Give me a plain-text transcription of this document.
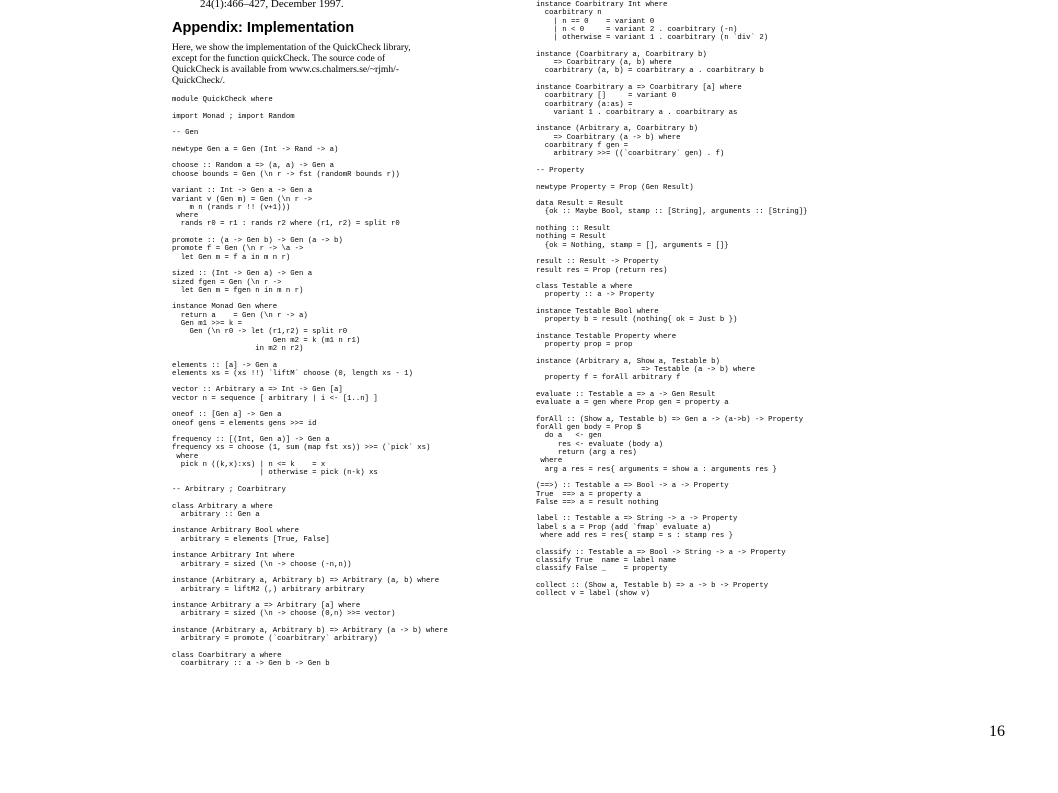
24(1):466–427, December 1997.
Appendix: Implementation
Here, we show the implementation of the QuickCheck library,
except for the function quickCheck. The source code of
QuickCheck is available from www.cs.chalmers.se/~rjmh/-
QuickCheck/.
module QuickCheck where

import Monad ; import Random

-- Gen

newtype Gen a = Gen (Int -> Rand -> a)

choose :: Random a => (a, a) -> Gen a
choose bounds = Gen (\n r -> fst (randomR bounds r))

variant :: Int -> Gen a -> Gen a
variant v (Gen m) = Gen (\n r ->
m n (rands r !! (v+1)))
where
rands r0 = r1 : rands r2 where (r1, r2) = split r0

promote :: (a -> Gen b) -> Gen (a -> b)
promote f = Gen (\n r -> \a ->
let Gen m = f a in m n r)

sized :: (Int -> Gen a) -> Gen a
sized fgen = Gen (\n r ->
let Gen m = fgen n in m n r)

instance Monad Gen where
return a    = Gen (\n r -> a)
Gen m1 >>= k =
Gen (\n r0 -> let (r1,r2) = split r0
Gen m2 = k (m1 n r1)
in m2 n r2)

elements :: [a] -> Gen a
elements xs = (xs !!) `liftM` choose (0, length xs - 1)

vector :: Arbitrary a => Int -> Gen [a]
vector n = sequence [ arbitrary | i <- [1..n] ]

oneof :: [Gen a] -> Gen a
oneof gens = elements gens >>= id

frequency :: [(Int, Gen a)] -> Gen a
frequency xs = choose (1, sum (map fst xs)) >>= (`pick` xs)
where
pick n ((k,x):xs) | n <= k    = x
| otherwise = pick (n-k) xs

-- Arbitrary ; Coarbitrary

class Arbitrary a where
arbitrary :: Gen a

instance Arbitrary Bool where
arbitrary = elements [True, False]

instance Arbitrary Int where
arbitrary = sized (\n -> choose (-n,n))

instance (Arbitrary a, Arbitrary b) => Arbitrary (a, b) where
arbitrary = liftM2 (,) arbitrary arbitrary

instance Arbitrary a => Arbitrary [a] where
arbitrary = sized (\n -> choose (0,n) >>= vector)

instance (Arbitrary a, Arbitrary b) => Arbitrary (a -> b) where
arbitrary = promote (`coarbitrary` arbitrary)

class Coarbitrary a where
coarbitrary :: a -> Gen b -> Gen b
instance Coarbitrary Int where
coarbitrary n
| n == 0    = variant 0
| n < 0     = variant 2 . coarbitrary (-n)
| otherwise = variant 1 . coarbitrary (n `div` 2)

instance (Coarbitrary a, Coarbitrary b)
=> Coarbitrary (a, b) where
coarbitrary (a, b) = coarbitrary a . coarbitrary b

instance Coarbitrary a => Coarbitrary [a] where
coarbitrary []     = variant 0
coarbitrary (a:as) =
variant 1 . coarbitrary a . coarbitrary as

instance (Arbitrary a, Coarbitrary b)
=> Coarbitrary (a -> b) where
coarbitrary f gen =
arbitrary >>= ((`coarbitrary` gen) . f)

-- Property

newtype Property = Prop (Gen Result)

data Result = Result
{ok :: Maybe Bool, stamp :: [String], arguments :: [String]}

nothing :: Result
nothing = Result
{ok = Nothing, stamp = [], arguments = []}

result :: Result -> Property
result res = Prop (return res)

class Testable a where
property :: a -> Property

instance Testable Bool where
property b = result (nothing{ ok = Just b })

instance Testable Property where
property prop = prop

instance (Arbitrary a, Show a, Testable b)
=> Testable (a -> b) where
property f = forAll arbitrary f

evaluate :: Testable a => a -> Gen Result
evaluate a = gen where Prop gen = property a

forAll :: (Show a, Testable b) => Gen a -> (a->b) -> Property
forAll gen body = Prop $
do a   <- gen
res <- evaluate (body a)
return (arg a res)
where
arg a res = res{ arguments = show a : arguments res }

(==>) :: Testable a => Bool -> a -> Property
True  ==> a = property a
False ==> a = result nothing

label :: Testable a => String -> a -> Property
label s a = Prop (add `fmap` evaluate a)
where add res = res{ stamp = s : stamp res }

classify :: Testable a => Bool -> String -> a -> Property
classify True  name = label name
classify False _    = property

collect :: (Show a, Testable b) => a -> b -> Property
collect v = label (show v)
16
